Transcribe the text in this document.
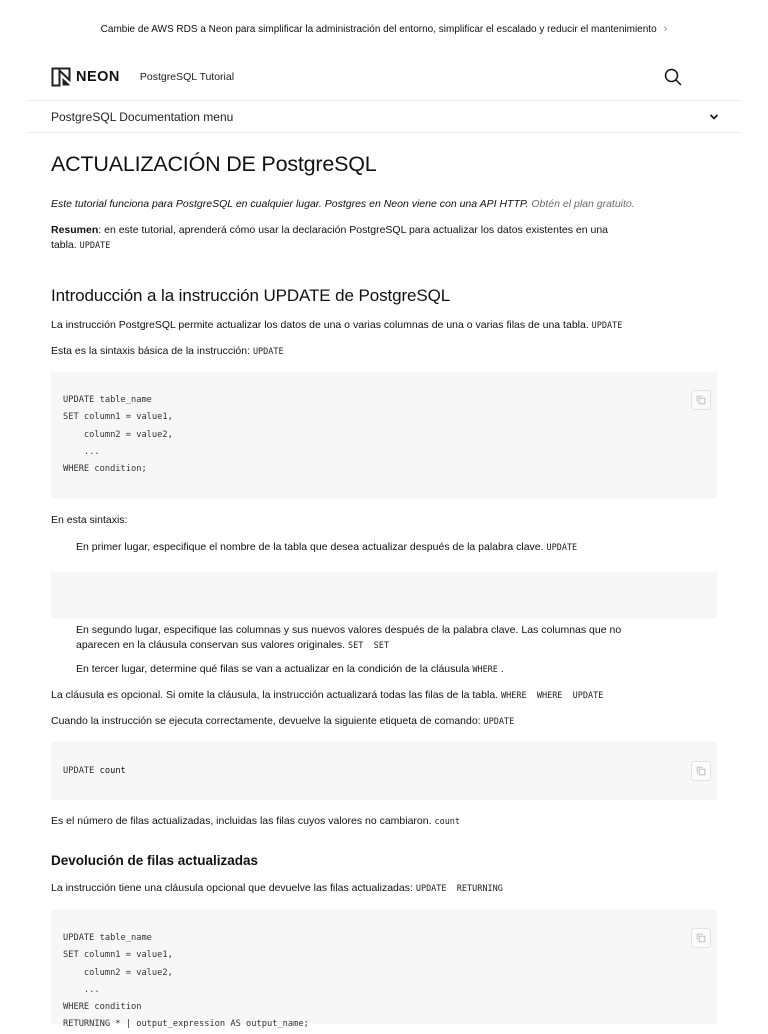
Cambie de AWS RDS a Neon para simplificar la administración del entorno, simplificar el escalado y reducir el mantenimiento ›
NEON PostgreSQL Tutorial
PostgreSQL Documentation menu
ACTUALIZACIÓN DE PostgreSQL

Este tutorial funciona para PostgreSQL en cualquier lugar. Postgres en Neon viene con una API HTTP. Obtén el plan gratuito.

Resumen: en este tutorial, aprenderá cómo usar la declaración PostgreSQL para actualizar los datos existentes en una
tabla. UPDATE

Introducción a la instrucción UPDATE de PostgreSQL

La instrucción PostgreSQL permite actualizar los datos de una o varias columnas de una o varias filas de una tabla. UPDATE

Esta es la sintaxis básica de la instrucción: UPDATE

UPDATE table_name
SET column1 = value1,
column2 = value2,
...
WHERE condition;

En esta sintaxis:

En primer lugar, especifique el nombre de la tabla que desea actualizar después de la palabra clave. UPDATE

En segundo lugar, especifique las columnas y sus nuevos valores después de la palabra clave. Las columnas que no
aparecen en la cláusula conservan sus valores originales. SET  SET

En tercer lugar, determine qué filas se van a actualizar en la condición de la cláusula WHERE .

La cláusula es opcional. Si omite la cláusula, la instrucción actualizará todas las filas de la tabla. WHERE  WHERE  UPDATE

Cuando la instrucción se ejecuta correctamente, devuelve la siguiente etiqueta de comando: UPDATE

UPDATE count

Es el número de filas actualizadas, incluidas las filas cuyos valores no cambiaron. count

Devolución de filas actualizadas

La instrucción tiene una cláusula opcional que devuelve las filas actualizadas: UPDATE  RETURNING

UPDATE table_name
SET column1 = value1,
column2 = value2,
...
WHERE condition
RETURNING * | output_expression AS output_name;
